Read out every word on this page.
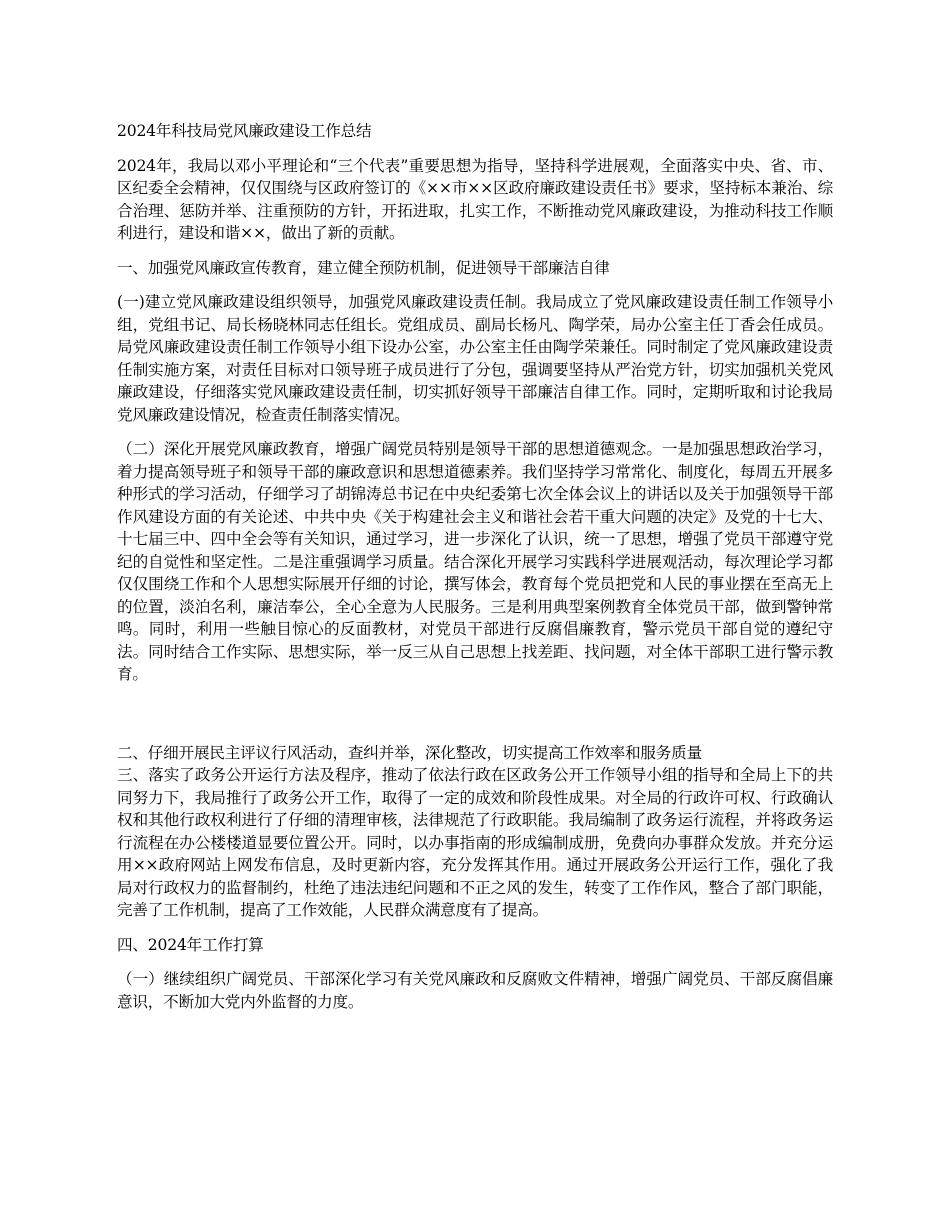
2024年科技局党风廉政建设工作总结

2024年，我局以邓小平理论和“三个代表”重要思想为指导，坚持科学进展观，全面落实中央、省、市、区纪委全会精神，仅仅围绕与区政府签订的《××市××区政府廉政建设责任书》要求，坚持标本兼治、综合治理、惩防并举、注重预防的方针，开拓进取，扎实工作，不断推动党风廉政建设，为推动科技工作顺利进行，建设和谐××，做出了新的贡献。

一、加强党风廉政宣传教育，建立健全预防机制，促进领导干部廉洁自律

(一)建立党风廉政建设组织领导，加强党风廉政建设责任制。我局成立了党风廉政建设责任制工作领导小组，党组书记、局长杨晓林同志任组长。党组成员、副局长杨凡、陶学荣，局办公室主任丁香会任成员。局党风廉政建设责任制工作领导小组下设办公室，办公室主任由陶学荣兼任。同时制定了党风廉政建设责任制实施方案，对责任目标对口领导班子成员进行了分包，强调要坚持从严治党方针，切实加强机关党风廉政建设，仔细落实党风廉政建设责任制，切实抓好领导干部廉洁自律工作。同时，定期听取和讨论我局党风廉政建设情况，检查责任制落实情况。

（二）深化开展党风廉政教育，增强广阔党员特别是领导干部的思想道德观念。一是加强思想政治学习，着力提高领导班子和领导干部的廉政意识和思想道德素养。我们坚持学习常常化、制度化，每周五开展多种形式的学习活动，仔细学习了胡锦涛总书记在中央纪委第七次全体会议上的讲话以及关于加强领导干部作风建设方面的有关论述、中共中央《关于构建社会主义和谐社会若干重大问题的决定》及党的十七大、十七届三中、四中全会等有关知识，通过学习，进一步深化了认识，统一了思想，增强了党员干部遵守党纪的自觉性和坚定性。二是注重强调学习质量。结合深化开展学习实践科学进展观活动，每次理论学习都仅仅围绕工作和个人思想实际展开仔细的讨论，撰写体会，教育每个党员把党和人民的事业摆在至高无上的位置，淡泊名利，廉洁奉公，全心全意为人民服务。三是利用典型案例教育全体党员干部，做到警钟常鸣。同时，利用一些触目惊心的反面教材，对党员干部进行反腐倡廉教育，警示党员干部自觉的遵纪守法。同时结合工作实际、思想实际，举一反三从自己思想上找差距、找问题，对全体干部职工进行警示教育。

二、仔细开展民主评议行风活动，查纠并举，深化整改，切实提高工作效率和服务质量

三、落实了政务公开运行方法及程序，推动了依法行政在区政务公开工作领导小组的指导和全局上下的共同努力下，我局推行了政务公开工作，取得了一定的成效和阶段性成果。对全局的行政许可权、行政确认权和其他行政权利进行了仔细的清理审核，法律规范了行政职能。我局编制了政务运行流程，并将政务运行流程在办公楼楼道显要位置公开。同时，以办事指南的形成编制成册，免费向办事群众发放。并充分运用××政府网站上网发布信息，及时更新内容，充分发挥其作用。通过开展政务公开运行工作，强化了我局对行政权力的监督制约，杜绝了违法违纪问题和不正之风的发生，转变了工作作风，整合了部门职能，完善了工作机制，提高了工作效能，人民群众满意度有了提高。

四、2024年工作打算

（一）继续组织广阔党员、干部深化学习有关党风廉政和反腐败文件精神，增强广阔党员、干部反腐倡廉意识，不断加大党内外监督的力度。
